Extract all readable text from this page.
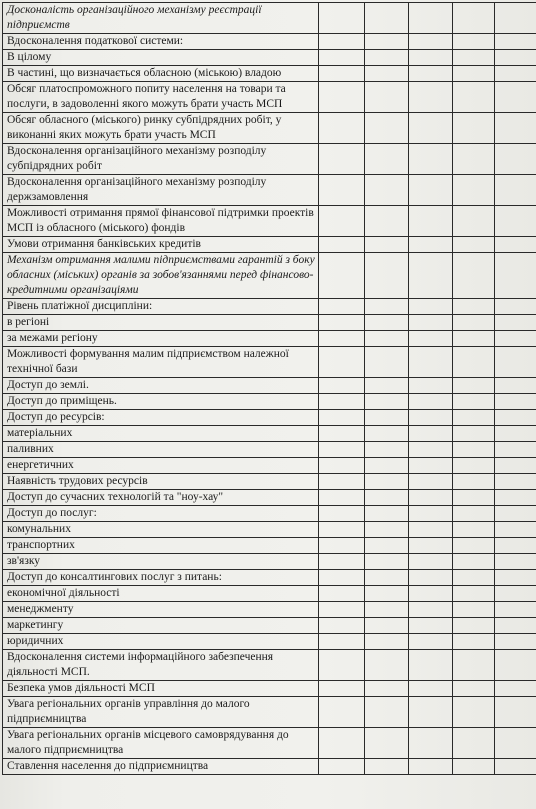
Досконалість організаційного механізму реєстрації підприємств					
Вдосконалення податкової системи:					
В цілому					
В частині, що визначається обласною (міською) владою					
Обсяг платоспроможного попиту населення на товари та послуги, в задоволенні якого можуть брати участь МСП					
Обсяг обласного (міського) ринку субпідрядних робіт, у виконанні яких можуть брати участь МСП					
Вдосконалення організаційного механізму розподілу субпідрядних робіт					
Вдосконалення організаційного механізму розподілу держзамовлення					
Можливості отримання прямої фінансової підтримки проектів МСП із обласного (міського) фондів					
Умови отримання банківських кредитів					
Механізм отримання малими підприємствами гарантій з боку обласних (міських) органів за зобов'язаннями перед фінансово-кредитними організаціями					
Рівень платіжної дисципліни:					
в регіоні					
за межами регіону					
Можливості формування малим підприємством належної технічної бази					
Доступ до землі.					
Доступ до приміщень.					
Доступ до ресурсів:					
матеріальних					
паливних					
енергетичних					
Наявність трудових ресурсів					
Доступ до сучасних технологій та "ноу-хау"					
Доступ до послуг:					
комунальних					
транспортних					
зв'язку					
Доступ до консалтингових послуг з питань:					
економічної діяльності					
менеджменту					
маркетингу					
юридичних					
Вдосконалення системи інформаційного забезпечення діяльності МСП.					
Безпека умов діяльності МСП					
Увага регіональних органів управління до малого підприємництва					
Увага регіональних органів місцевого самоврядування до малого підприємництва					
Ставлення населення до підприємництва					
